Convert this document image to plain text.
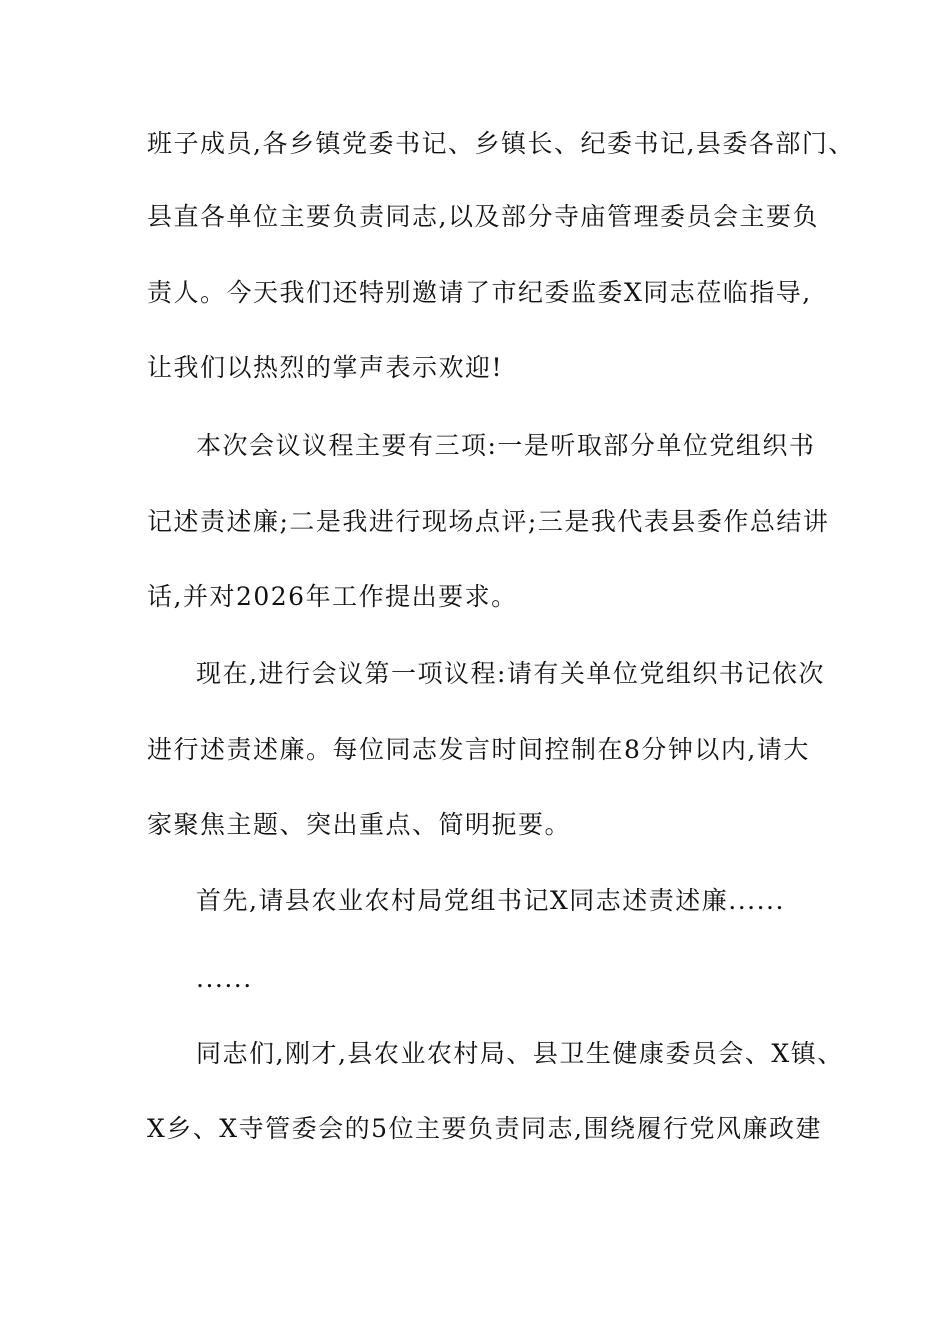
班子成员,各乡镇党委书记、乡镇长、纪委书记,县委各部门、
县直各单位主要负责同志,以及部分寺庙管理委员会主要负
责人。今天我们还特别邀请了市纪委监委X同志莅临指导,
让我们以热烈的掌声表示欢迎!
本次会议议程主要有三项:一是听取部分单位党组织书
记述责述廉;二是我进行现场点评;三是我代表县委作总结讲
话,并对2026年工作提出要求。
现在,进行会议第一项议程:请有关单位党组织书记依次
进行述责述廉。每位同志发言时间控制在8分钟以内,请大
家聚焦主题、突出重点、简明扼要。
首先,请县农业农村局党组书记X同志述责述廉......
......
同志们,刚才,县农业农村局、县卫生健康委员会、X镇、
X乡、X寺管委会的5位主要负责同志,围绕履行党风廉政建
